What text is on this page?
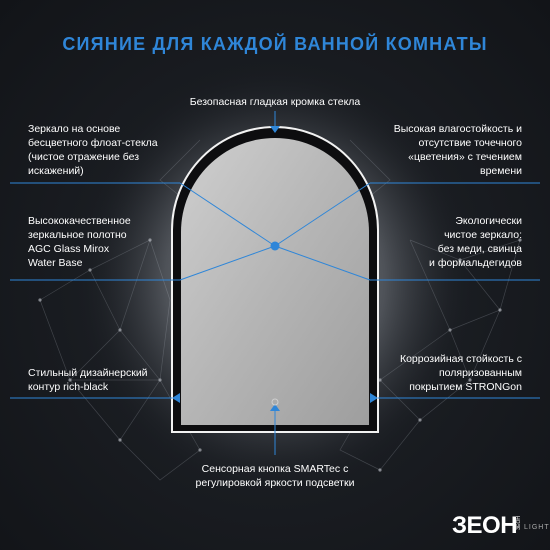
СИЯНИЕ ДЛЯ КАЖДОЙ ВАННОЙ КОМНАТЫ
Безопасная гладкая кромка стекла
Зеркало на основе
бесцветного флоат-стекла
(чистое отражение без
искажений)
Высококачественное
зеркальное полотно
AGC Glass Mirox
Water Base
Стильный дизайнерский
контур rich-black
Высокая влагостойкость и
отсутствие точечного
«цветения» с течением
времени
Экологически
чистое зеркало:
без меди, свинца
и формальдегидов
Коррозийная стойкость с
поляризованным
покрытием STRONGon
Сенсорная кнопка SMARTec с
регулировкой яркости подсветки
ЗЕОН
ЗЕОН LIGHT
